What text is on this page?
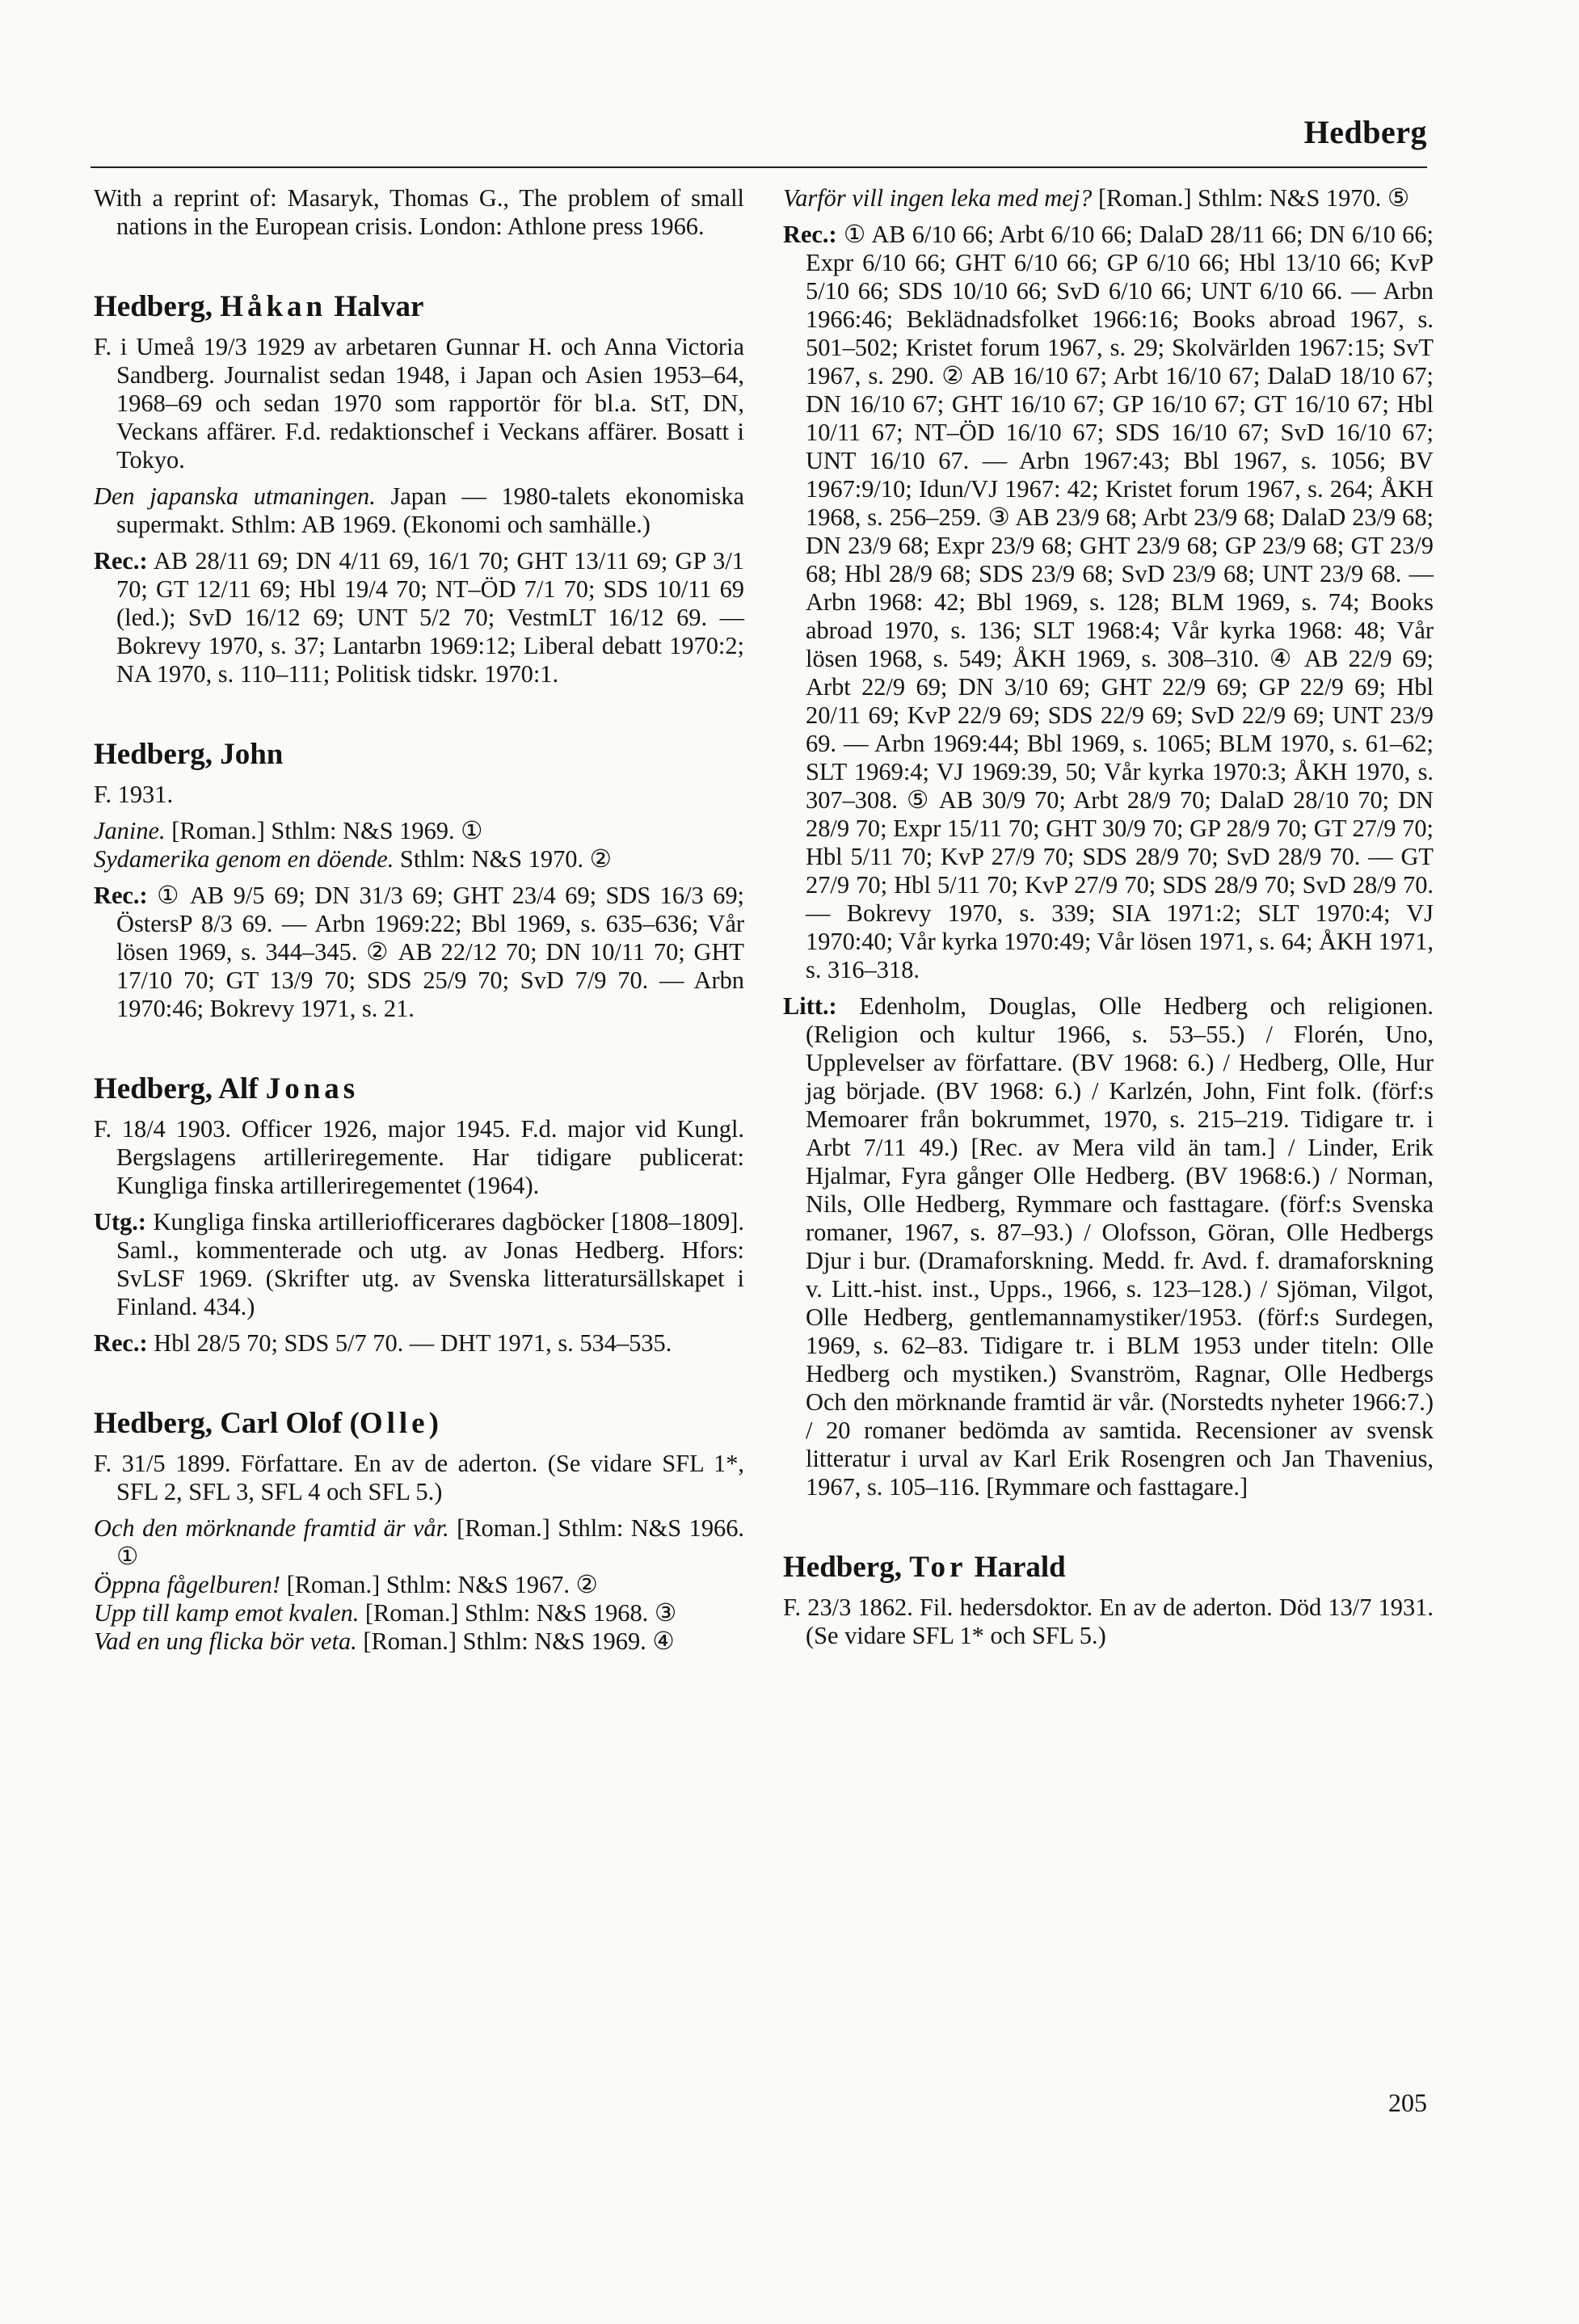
Hedberg

With a reprint of: Masaryk, Thomas G., The problem of small nations in the European crisis. London: Athlone press 1966.

Hedberg, Håkan Halvar

F. i Umeå 19/3 1929 av arbetaren Gunnar H. och Anna Victoria Sandberg. Journalist sedan 1948, i Japan och Asien 1953–64, 1968–69 och sedan 1970 som rapportör för bl.a. StT, DN, Veckans affärer. F.d. redaktionschef i Veckans affärer. Bosatt i Tokyo.

Den japanska utmaningen. Japan — 1980-talets ekonomiska supermakt. Sthlm: AB 1969. (Ekonomi och samhälle.)

Rec.: AB 28/11 69; DN 4/11 69, 16/1 70; GHT 13/11 69; GP 3/1 70; GT 12/11 69; Hbl 19/4 70; NT–ÖD 7/1 70; SDS 10/11 69 (led.); SvD 16/12 69; UNT 5/2 70; VestmLT 16/12 69. — Bokrevy 1970, s. 37; Lantarbn 1969:12; Liberal debatt 1970:2; NA 1970, s. 110–111; Politisk tidskr. 1970:1.

Hedberg, John

F. 1931.

Janine. [Roman.] Sthlm: N&S 1969. ①

Sydamerika genom en döende. Sthlm: N&S 1970. ②

Rec.: ① AB 9/5 69; DN 31/3 69; GHT 23/4 69; SDS 16/3 69; ÖstersP 8/3 69. — Arbn 1969:22; Bbl 1969, s. 635–636; Vår lösen 1969, s. 344–345. ② AB 22/12 70; DN 10/11 70; GHT 17/10 70; GT 13/9 70; SDS 25/9 70; SvD 7/9 70. — Arbn 1970:46; Bokrevy 1971, s. 21.

Hedberg, Alf Jonas

F. 18/4 1903. Officer 1926, major 1945. F.d. major vid Kungl. Bergslagens artilleriregemente. Har tidigare publicerat: Kungliga finska artilleriregementet (1964).

Utg.: Kungliga finska artilleriofficerares dagböcker [1808–1809]. Saml., kommenterade och utg. av Jonas Hedberg. Hfors: SvLSF 1969. (Skrifter utg. av Svenska litteratursällskapet i Finland. 434.)

Rec.: Hbl 28/5 70; SDS 5/7 70. — DHT 1971, s. 534–535.

Hedberg, Carl Olof (Olle)

F. 31/5 1899. Författare. En av de aderton. (Se vidare SFL 1*, SFL 2, SFL 3, SFL 4 och SFL 5.)

Och den mörknande framtid är vår. [Roman.] Sthlm: N&S 1966. ①

Öppna fågelburen! [Roman.] Sthlm: N&S 1967. ②

Upp till kamp emot kvalen. [Roman.] Sthlm: N&S 1968. ③

Vad en ung flicka bör veta. [Roman.] Sthlm: N&S 1969. ④

Varför vill ingen leka med mej? [Roman.] Sthlm: N&S 1970. ⑤

Rec.: ① AB 6/10 66; Arbt 6/10 66; DalaD 28/11 66; DN 6/10 66; Expr 6/10 66; GHT 6/10 66; GP 6/10 66; Hbl 13/10 66; KvP 5/10 66; SDS 10/10 66; SvD 6/10 66; UNT 6/10 66. — Arbn 1966:46; Beklädnadsfolket 1966:16; Books abroad 1967, s. 501–502; Kristet forum 1967, s. 29; Skolvärlden 1967:15; SvT 1967, s. 290. ② AB 16/10 67; Arbt 16/10 67; DalaD 18/10 67; DN 16/10 67; GHT 16/10 67; GP 16/10 67; GT 16/10 67; Hbl 10/11 67; NT–ÖD 16/10 67; SDS 16/10 67; SvD 16/10 67; UNT 16/10 67. — Arbn 1967:43; Bbl 1967, s. 1056; BV 1967:9/10; Idun/VJ 1967: 42; Kristet forum 1967, s. 264; ÅKH 1968, s. 256–259. ③ AB 23/9 68; Arbt 23/9 68; DalaD 23/9 68; DN 23/9 68; Expr 23/9 68; GHT 23/9 68; GP 23/9 68; GT 23/9 68; Hbl 28/9 68; SDS 23/9 68; SvD 23/9 68; UNT 23/9 68. — Arbn 1968: 42; Bbl 1969, s. 128; BLM 1969, s. 74; Books abroad 1970, s. 136; SLT 1968:4; Vår kyrka 1968: 48; Vår lösen 1968, s. 549; ÅKH 1969, s. 308–310. ④ AB 22/9 69; Arbt 22/9 69; DN 3/10 69; GHT 22/9 69; GP 22/9 69; Hbl 20/11 69; KvP 22/9 69; SDS 22/9 69; SvD 22/9 69; UNT 23/9 69. — Arbn 1969:44; Bbl 1969, s. 1065; BLM 1970, s. 61–62; SLT 1969:4; VJ 1969:39, 50; Vår kyrka 1970:3; ÅKH 1970, s. 307–308. ⑤ AB 30/9 70; Arbt 28/9 70; DalaD 28/10 70; DN 28/9 70; Expr 15/11 70; GHT 30/9 70; GP 28/9 70; GT 27/9 70; Hbl 5/11 70; KvP 27/9 70; SDS 28/9 70; SvD 28/9 70. — GT 27/9 70; Hbl 5/11 70; KvP 27/9 70; SDS 28/9 70; SvD 28/9 70. — Bokrevy 1970, s. 339; SIA 1971:2; SLT 1970:4; VJ 1970:40; Vår kyrka 1970:49; Vår lösen 1971, s. 64; ÅKH 1971, s. 316–318.

Litt.: Edenholm, Douglas, Olle Hedberg och religionen. (Religion och kultur 1966, s. 53–55.) / Florén, Uno, Upplevelser av författare. (BV 1968: 6.) / Hedberg, Olle, Hur jag började. (BV 1968: 6.) / Karlzén, John, Fint folk. (förf:s Memoarer från bokrummet, 1970, s. 215–219. Tidigare tr. i Arbt 7/11 49.) [Rec. av Mera vild än tam.] / Linder, Erik Hjalmar, Fyra gånger Olle Hedberg. (BV 1968:6.) / Norman, Nils, Olle Hedberg, Rymmare och fasttagare. (förf:s Svenska romaner, 1967, s. 87–93.) / Olofsson, Göran, Olle Hedbergs Djur i bur. (Dramaforskning. Medd. fr. Avd. f. dramaforskning v. Litt.-hist. inst., Upps., 1966, s. 123–128.) / Sjöman, Vilgot, Olle Hedberg, gentlemannamystiker/1953. (förf:s Surdegen, 1969, s. 62–83. Tidigare tr. i BLM 1953 under titeln: Olle Hedberg och mystiken.) Svanström, Ragnar, Olle Hedbergs Och den mörknande framtid är vår. (Norstedts nyheter 1966:7.) / 20 romaner bedömda av samtida. Recensioner av svensk litteratur i urval av Karl Erik Rosengren och Jan Thavenius, 1967, s. 105–116. [Rymmare och fasttagare.]

Hedberg, Tor Harald

F. 23/3 1862. Fil. hedersdoktor. En av de aderton. Död 13/7 1931. (Se vidare SFL 1* och SFL 5.)

205
